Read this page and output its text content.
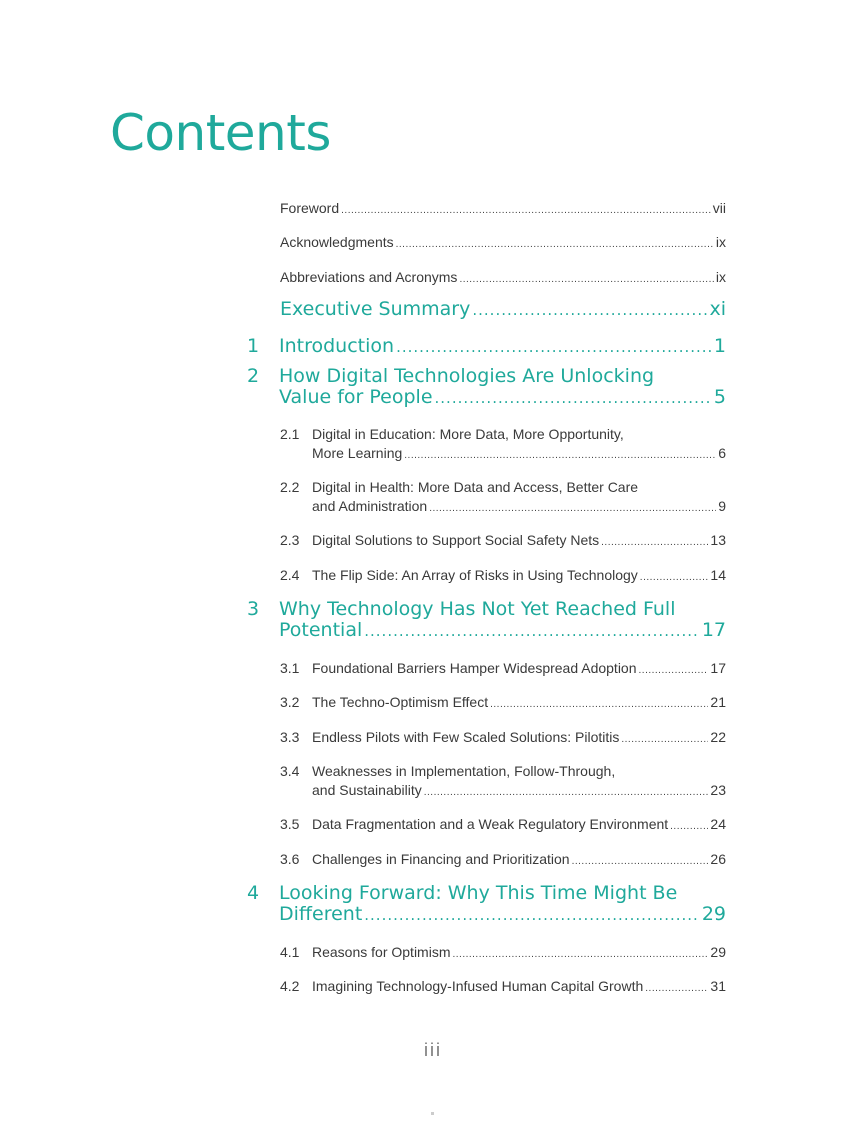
Contents
Foreword .....	vii
Acknowledgments .....	ix
Abbreviations and Acronyms .....	ix
Executive Summary .....	xi
1 Introduction .....	1
2 How Digital Technologies Are Unlocking
Value for People .....	5
2.1 Digital in Education: More Data, More Opportunity,
More Learning .....	6
2.2 Digital in Health: More Data and Access, Better Care
and Administration .....	9
2.3 Digital Solutions to Support Social Safety Nets .....	13
2.4 The Flip Side: An Array of Risks in Using Technology .....	14
3 Why Technology Has Not Yet Reached Full
Potential .....	17
3.1 Foundational Barriers Hamper Widespread Adoption .....	17
3.2 The Techno-Optimism Effect .....	21
3.3 Endless Pilots with Few Scaled Solutions: Pilotitis .....	22
3.4 Weaknesses in Implementation, Follow-Through,
and Sustainability .....	23
3.5 Data Fragmentation and a Weak Regulatory Environment .....	24
3.6 Challenges in Financing and Prioritization .....	26
4 Looking Forward: Why This Time Might Be
Different .....	29
4.1 Reasons for Optimism .....	29
4.2 Imagining Technology-Infused Human Capital Growth .....	31
iii
